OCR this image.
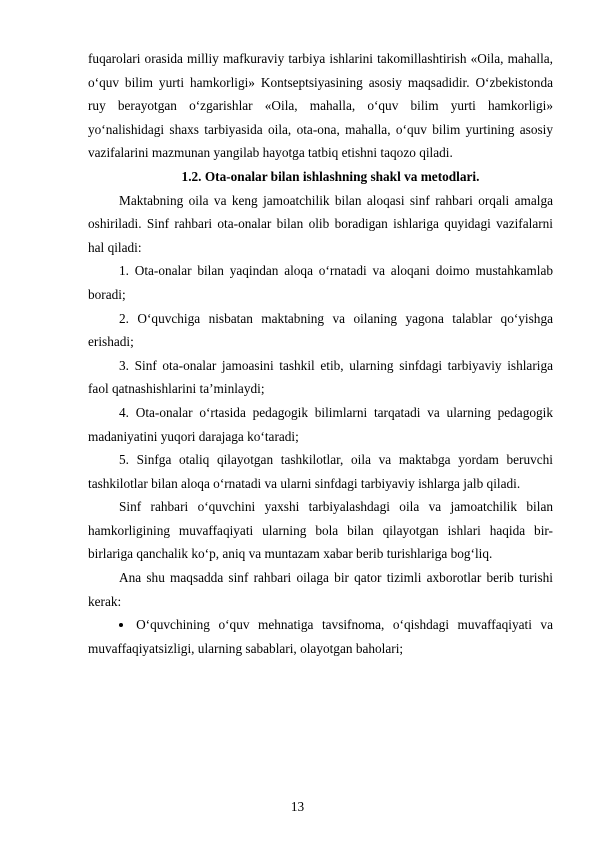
fuqarolari orasida milliy mafkuraviy tarbiya ishlarini takomillashtirish «Oila, mahalla, o‘quv bilim yurti hamkorligi» Kontseptsiyasining asosiy maqsadidir. O‘zbekistonda ruy berayotgan o‘zgarishlar «Oila, mahalla, o‘quv bilim yurti hamkorligi» yo‘nalishidagi shaxs tarbiyasida oila, ota-ona, mahalla, o‘quv bilim yurtining asosiy vazifalarini mazmunan yangilab hayotga tatbiq etishni taqozo qiladi.

1.2. Ota-onalar bilan ishlashning shakl va metodlari.

Maktabning oila va keng jamoatchilik bilan aloqasi sinf rahbari orqali amalga oshiriladi. Sinf rahbari ota-onalar bilan olib boradigan ishlariga quyidagi vazifalarni hal qiladi:

1. Ota-onalar bilan yaqindan aloqa o‘rnatadi va aloqani doimo mustahkamlab boradi;

2. O‘quvchiga nisbatan maktabning va oilaning yagona talablar qo‘yishga erishadi;

3. Sinf ota-onalar jamoasini tashkil etib, ularning sinfdagi tarbiyaviy ishlariga faol qatnashishlarini ta’minlaydi;

4. Ota-onalar o‘rtasida pedagogik bilimlarni tarqatadi va ularning pedagogik madaniyatini yuqori darajaga ko‘taradi;

5. Sinfga otaliq qilayotgan tashkilotlar, oila va maktabga yordam beruvchi tashkilotlar bilan aloqa o‘rnatadi va ularni sinfdagi tarbiyaviy ishlarga jalb qiladi.

Sinf rahbari o‘quvchini yaxshi tarbiyalashdagi oila va jamoatchilik bilan hamkorligining muvaffaqiyati ularning bola bilan qilayotgan ishlari haqida bir-birlariga qanchalik ko‘p, aniq va muntazam xabar berib turishlariga bog‘liq.

Ana shu maqsadda sinf rahbari oilaga bir qator tizimli axborotlar berib turishi kerak:

O‘quvchining o‘quv mehnatiga tavsifnoma, o‘qishdagi muvaffaqiyati va muvaffaqiyatsizligi, ularning sabablari, olayotgan baholari;
13
